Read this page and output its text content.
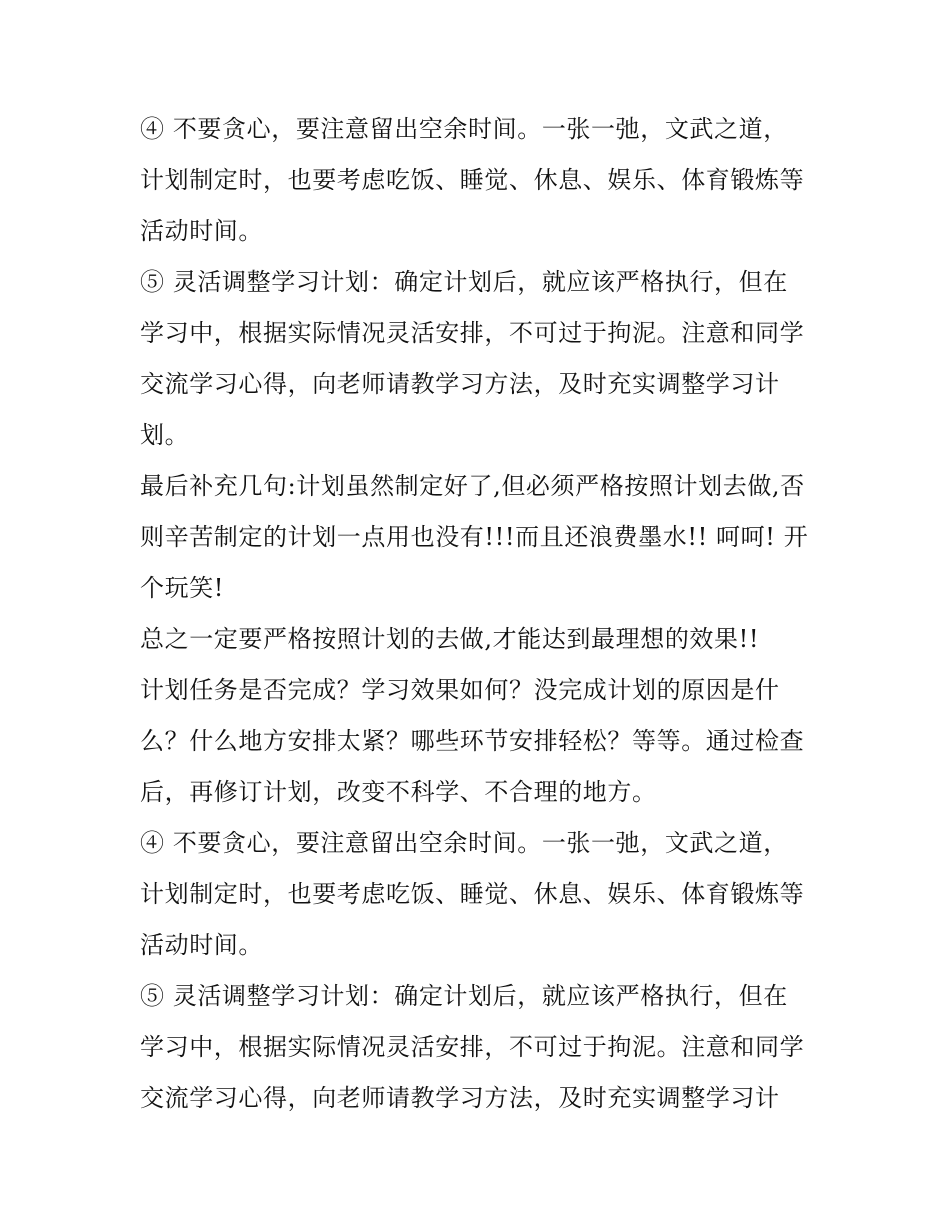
④ 不要贪心，要注意留出空余时间。一张一弛，文武之道，
计划制定时，也要考虑吃饭、睡觉、休息、娱乐、体育锻炼等
活动时间。
⑤ 灵活调整学习计划：确定计划后，就应该严格执行，但在
学习中，根据实际情况灵活安排，不可过于拘泥。注意和同学
交流学习心得，向老师请教学习方法，及时充实调整学习计
划。
最后补充几句:计划虽然制定好了,但必须严格按照计划去做,否
则辛苦制定的计划一点用也没有!!!而且还浪费墨水!! 呵呵! 开
个玩笑!
总之一定要严格按照计划的去做,才能达到最理想的效果!!
计划任务是否完成？学习效果如何？没完成计划的原因是什
么？什么地方安排太紧？哪些环节安排轻松？等等。通过检查
后，再修订计划，改变不科学、不合理的地方。
④ 不要贪心，要注意留出空余时间。一张一弛，文武之道，
计划制定时，也要考虑吃饭、睡觉、休息、娱乐、体育锻炼等
活动时间。
⑤ 灵活调整学习计划：确定计划后，就应该严格执行，但在
学习中，根据实际情况灵活安排，不可过于拘泥。注意和同学
交流学习心得，向老师请教学习方法，及时充实调整学习计
